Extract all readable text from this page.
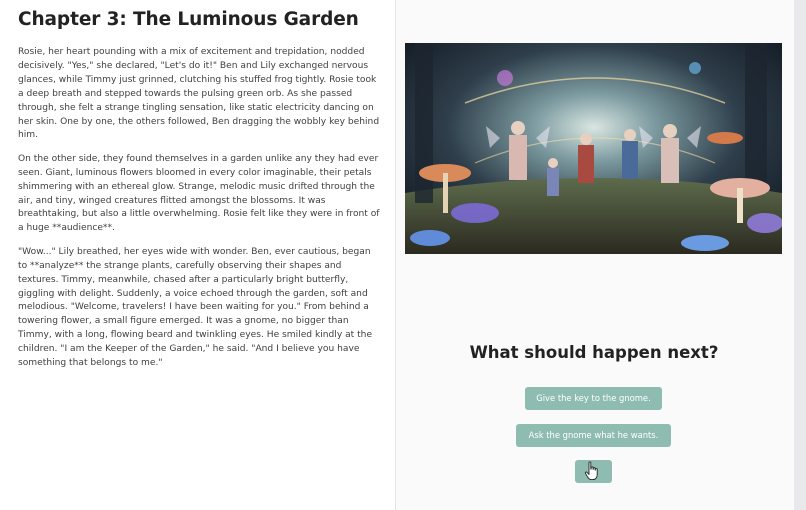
Chapter 3: The Luminous Garden

Rosie, her heart pounding with a mix of excitement and trepidation, nodded decisively. "Yes," she declared, "Let's do it!" Ben and Lily exchanged nervous glances, while Timmy just grinned, clutching his stuffed frog tightly. Rosie took a deep breath and stepped towards the pulsing green orb. As she passed through, she felt a strange tingling sensation, like static electricity dancing on her skin. One by one, the others followed, Ben dragging the wobbly key behind him.

On the other side, they found themselves in a garden unlike any they had ever seen. Giant, luminous flowers bloomed in every color imaginable, their petals shimmering with an ethereal glow. Strange, melodic music drifted through the air, and tiny, winged creatures flitted amongst the blossoms. It was breathtaking, but also a little overwhelming. Rosie felt like they were in front of a huge **audience**.

"Wow..." Lily breathed, her eyes wide with wonder. Ben, ever cautious, began to **analyze** the strange plants, carefully observing their shapes and textures. Timmy, meanwhile, chased after a particularly bright butterfly, giggling with delight. Suddenly, a voice echoed through the garden, soft and melodious. "Welcome, travelers! I have been waiting for you." From behind a towering flower, a small figure emerged. It was a gnome, no bigger than Timmy, with a long, flowing beard and twinkling eyes. He smiled kindly at the children. "I am the Keeper of the Garden," he said. "And I believe you have something that belongs to me."

What should happen next?
Give the key to the gnome.
Ask the gnome what he wants.
